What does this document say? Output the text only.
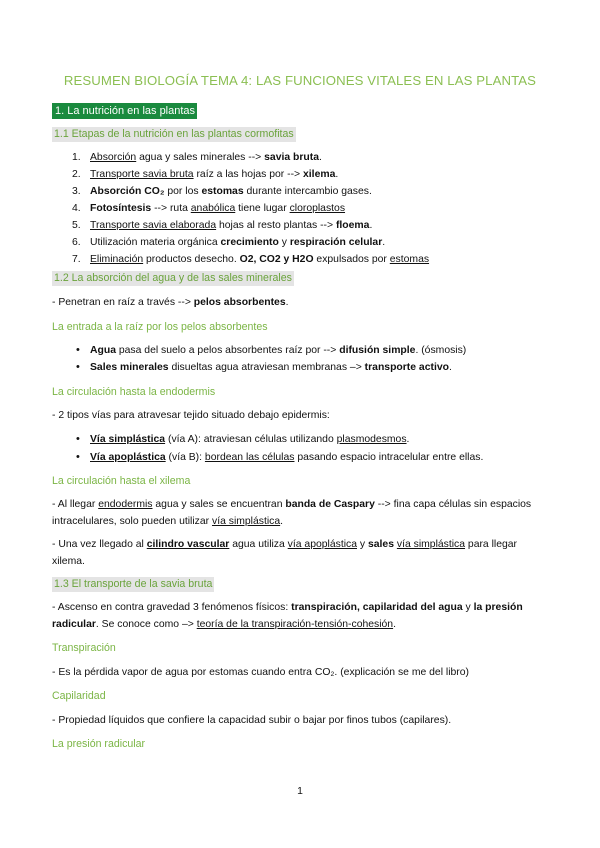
RESUMEN BIOLOGÍA TEMA 4: LAS FUNCIONES VITALES EN LAS PLANTAS
1. La nutrición en las plantas
1.1 Etapas de la nutrición en las plantas cormofitas
1. Absorción agua y sales minerales --> savia bruta.
2. Transporte savia bruta raíz a las hojas por --> xilema.
3. Absorción CO₂ por los estomas durante intercambio gases.
4. Fotosíntesis --> ruta anabólica tiene lugar cloroplastos
5. Transporte savia elaborada hojas al resto plantas --> floema.
6. Utilización materia orgánica crecimiento y respiración celular.
7. Eliminación productos desecho. O2, CO2 y H2O expulsados por estomas
1.2 La absorción del agua y de las sales minerales
- Penetran en raíz a través --> pelos absorbentes.
La entrada a la raíz por los pelos absorbentes
• Agua pasa del suelo a pelos absorbentes raíz por --> difusión simple. (ósmosis)
• Sales minerales disueltas agua atraviesan membranas –> transporte activo.
La circulación hasta la endodermis
- 2 tipos vías para atravesar tejido situado debajo epidermis:
• Vía simplástica (vía A): atraviesan células utilizando plasmodesmos.
• Vía apoplástica (vía B): bordean las células pasando espacio intracelular entre ellas.
La circulación hasta el xilema
- Al llegar endodermis agua y sales se encuentran banda de Caspary --> fina capa células sin espacios intracelulares, solo pueden utilizar vía simplástica.
- Una vez llegado al cilindro vascular agua utiliza vía apoplástica y sales vía simplástica para llegar xilema.
1.3 El transporte de la savia bruta
- Ascenso en contra gravedad 3 fenómenos físicos: transpiración, capilaridad del agua y la presión radicular. Se conoce como –> teoría de la transpiración-tensión-cohesión.
Transpiración
- Es la pérdida vapor de agua por estomas cuando entra CO₂. (explicación se me del libro)
Capilaridad
- Propiedad líquidos que confiere la capacidad subir o bajar por finos tubos (capilares).
La presión radicular
1
